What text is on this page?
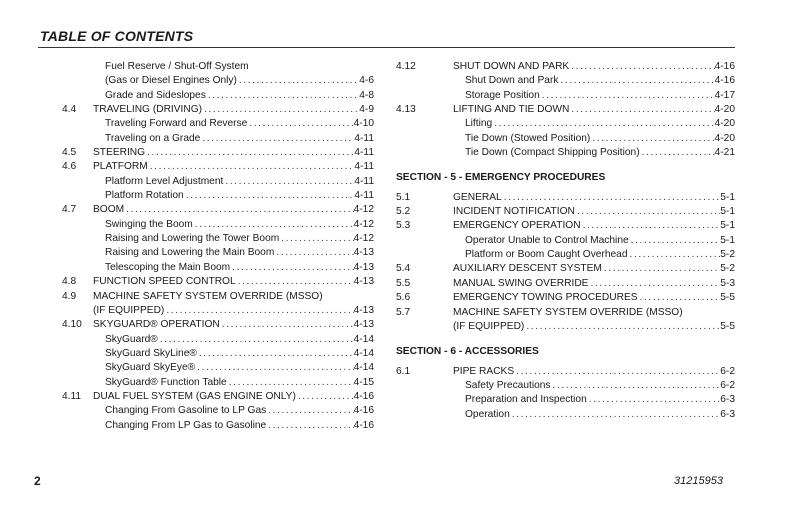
TABLE OF CONTENTS
Fuel Reserve / Shut-Off System
(Gas or Diesel Engines Only) .....	4-6
Grade and Sideslopes .....	4-8
4.4 TRAVELING (DRIVING) .....	4-9
Traveling Forward and Reverse .....	4-10
Traveling on a Grade .....	4-11
4.5 STEERING .....	4-11
4.6 PLATFORM .....	4-11
Platform Level Adjustment .....	4-11
Platform Rotation .....	4-11
4.7 BOOM .....	4-12
Swinging the Boom .....	4-12
Raising and Lowering the Tower Boom .....	4-12
Raising and Lowering the Main Boom .....	4-13
Telescoping the Main Boom .....	4-13
4.8 FUNCTION SPEED CONTROL .....	4-13
4.9 MACHINE SAFETY SYSTEM OVERRIDE (MSSO)
(IF EQUIPPED) .....	4-13
4.10 SKYGUARD® OPERATION .....	4-13
SkyGuard® .....	4-14
SkyGuard SkyLine® .....	4-14
SkyGuard SkyEye® .....	4-14
SkyGuard® Function Table .....	4-15
4.11 DUAL FUEL SYSTEM (GAS ENGINE ONLY) .....	4-16
Changing From Gasoline to LP Gas .....	4-16
Changing From LP Gas to Gasoline .....	4-16
4.12	SHUT DOWN AND PARK .....	4-16
Shut Down and Park .....	4-16
Storage Position .....	4-17
4.13	LIFTING AND TIE DOWN .....	4-20
Lifting .....	4-20
Tie Down (Stowed Position) .....	4-20
Tie Down (Compact Shipping Position) .....	4-21
SECTION - 5 - EMERGENCY PROCEDURES
5.1	GENERAL .....	5-1
5.2	INCIDENT NOTIFICATION .....	5-1
5.3	EMERGENCY OPERATION .....	5-1
Operator Unable to Control Machine .....	5-1
Platform or Boom Caught Overhead .....	5-2
5.4	AUXILIARY DESCENT SYSTEM .....	5-2
5.5	MANUAL SWING OVERRIDE .....	5-3
5.6	EMERGENCY TOWING PROCEDURES .....	5-5
5.7	MACHINE SAFETY SYSTEM OVERRIDE (MSSO)
(IF EQUIPPED) .....	5-5
SECTION - 6 - ACCESSORIES
6.1	PIPE RACKS .....	6-2
Safety Precautions .....	6-2
Preparation and Inspection .....	6-3
Operation .....	6-3
2	31215953
